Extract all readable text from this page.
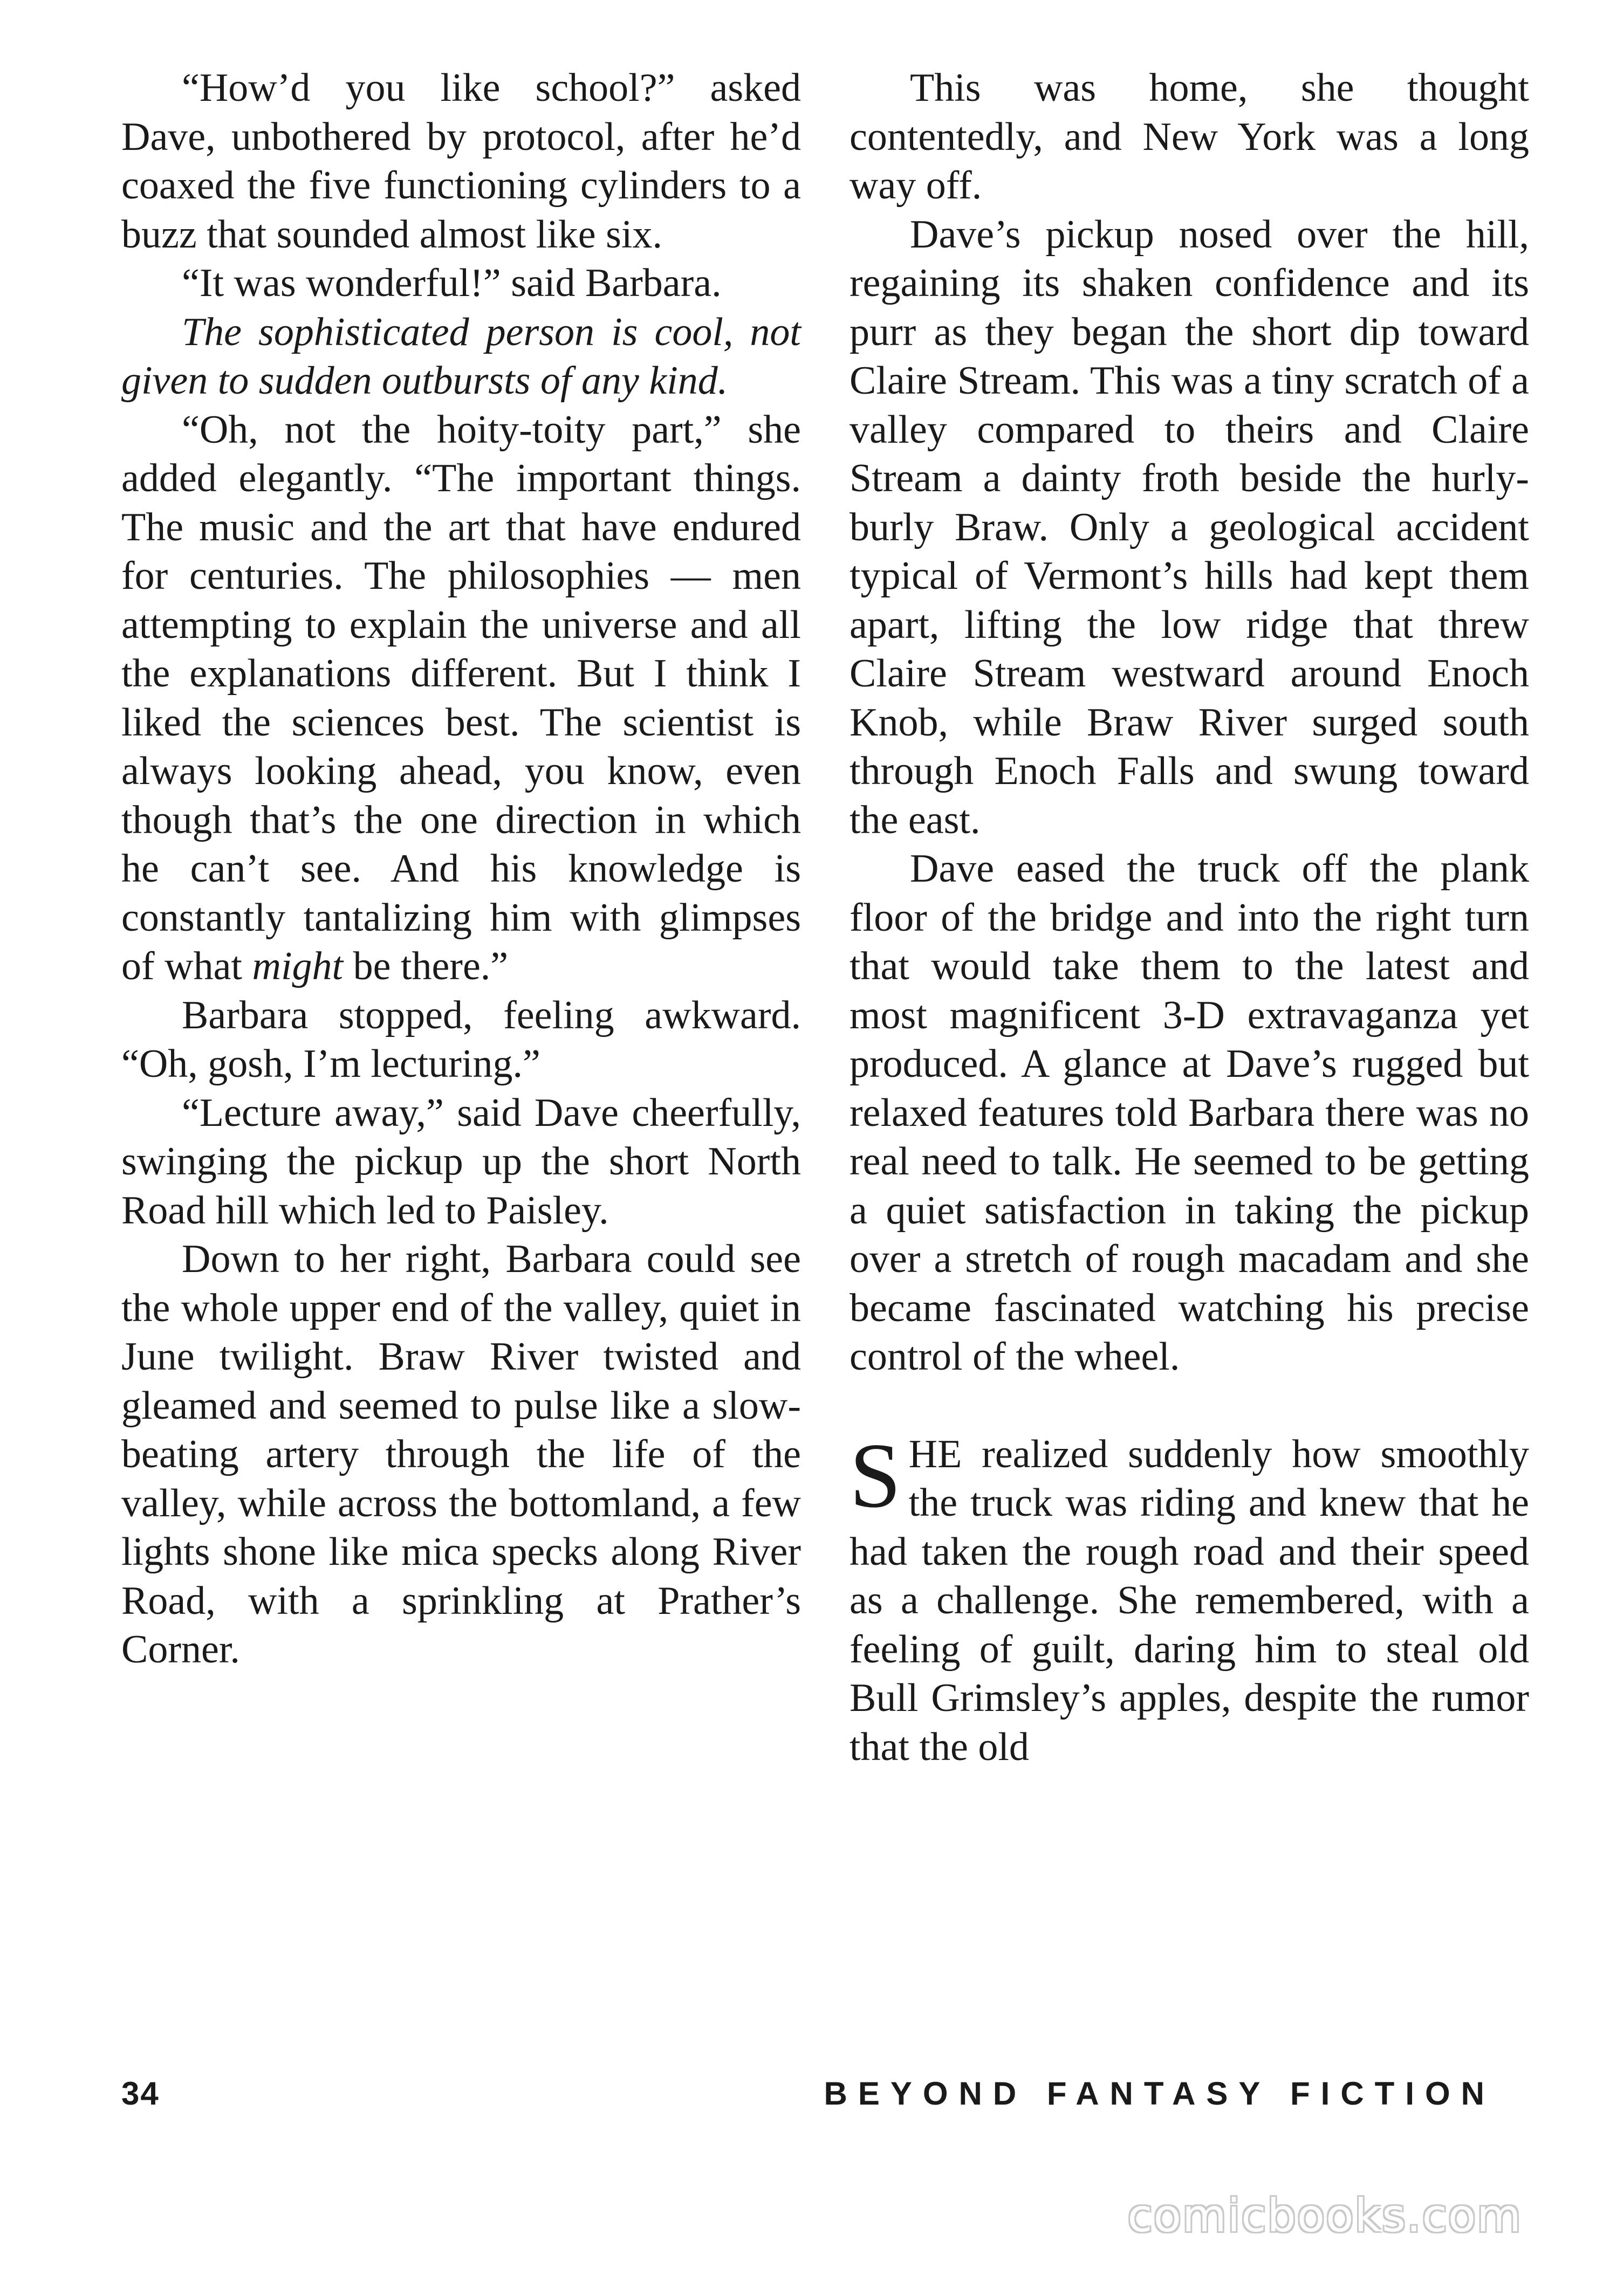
“How’d you like school?” asked Dave, unbothered by protocol, after he’d coaxed the five functioning cylinders to a buzz that sounded almost like six.

“It was wonderful!” said Barbara.

The sophisticated person is cool, not given to sudden outbursts of any kind.

“Oh, not the hoity-toity part,” she added elegantly. “The important things. The music and the art that have endured for centuries. The philosophies — men attempting to explain the universe and all the explanations different. But I think I liked the sciences best. The scientist is always looking ahead, you know, even though that’s the one direction in which he can’t see. And his knowledge is constantly tantalizing him with glimpses of what might be there.”

Barbara stopped, feeling awkward. “Oh, gosh, I’m lecturing.”

“Lecture away,” said Dave cheerfully, swinging the pickup up the short North Road hill which led to Paisley.

Down to her right, Barbara could see the whole upper end of the valley, quiet in June twilight. Braw River twisted and gleamed and seemed to pulse like a slow-beating artery through the life of the valley, while across the bottomland, a few lights shone like mica specks along River Road, with a sprinkling at Prather’s Corner.

This was home, she thought contentedly, and New York was a long way off.

Dave’s pickup nosed over the hill, regaining its shaken confidence and its purr as they began the short dip toward Claire Stream. This was a tiny scratch of a valley compared to theirs and Claire Stream a dainty froth beside the hurly-burly Braw. Only a geological accident typical of Vermont’s hills had kept them apart, lifting the low ridge that threw Claire Stream westward around Enoch Knob, while Braw River surged south through Enoch Falls and swung toward the east.

Dave eased the truck off the plank floor of the bridge and into the right turn that would take them to the latest and most magnificent 3-D extravaganza yet produced. A glance at Dave’s rugged but relaxed features told Barbara there was no real need to talk. He seemed to be getting a quiet satisfaction in taking the pickup over a stretch of rough macadam and she became fascinated watching his precise control of the wheel.

SHE realized suddenly how smoothly the truck was riding and knew that he had taken the rough road and their speed as a challenge. She remembered, with a feeling of guilt, daring him to steal old Bull Grimsley’s apples, despite the rumor that the old

34	BEYOND FANTASY FICTION
comicbooks.com
